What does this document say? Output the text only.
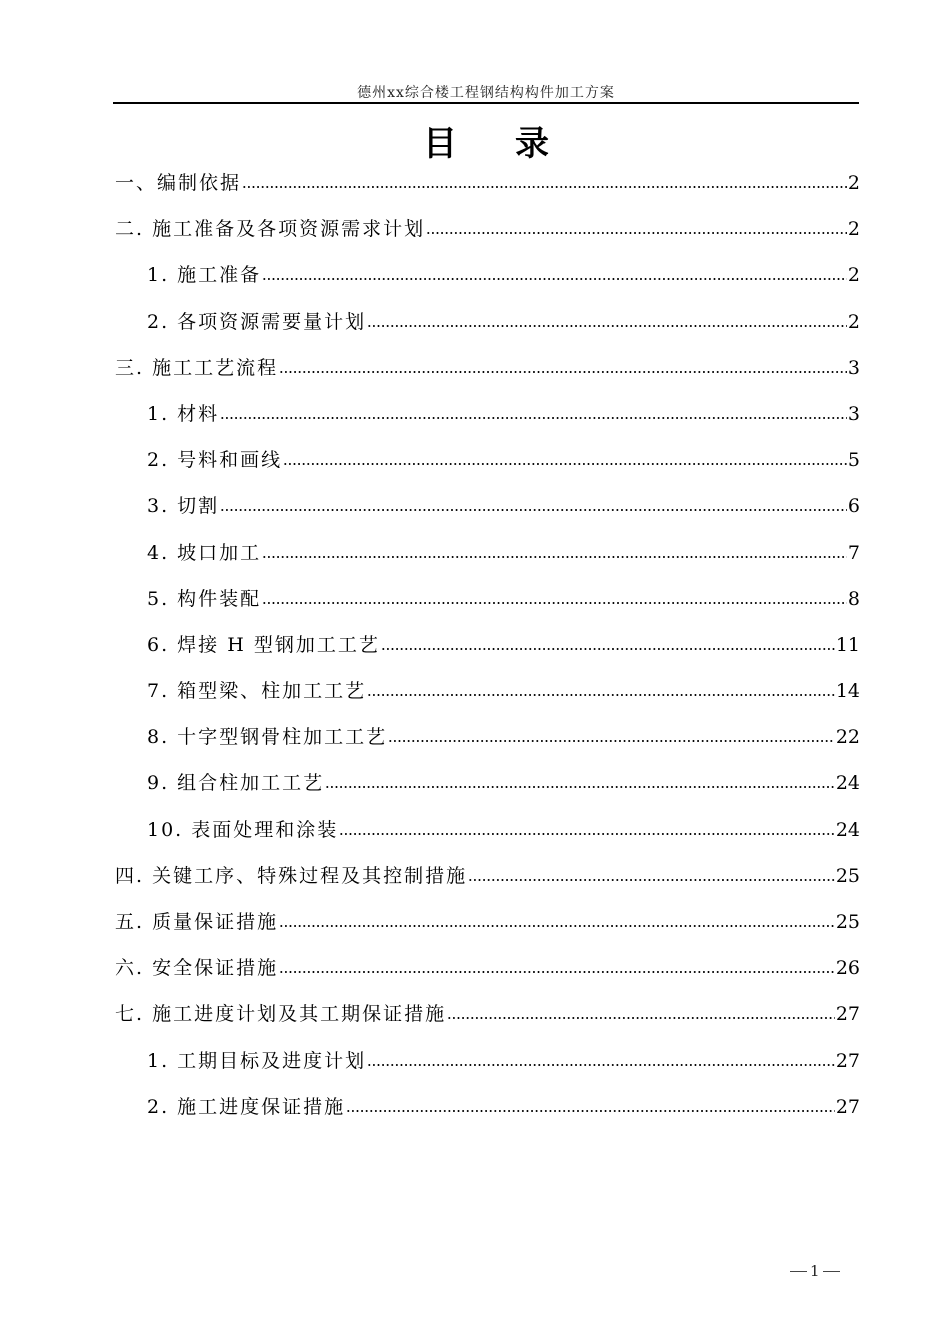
德州xx综合楼工程钢结构构件加工方案
目录
一、编制依据	2
二. 施工准备及各项资源需求计划	2
1. 施工准备	2
2. 各项资源需要量计划	2
三. 施工工艺流程	3
1. 材料	3
2. 号料和画线	5
3. 切割	6
4. 坡口加工	7
5. 构件装配	8
6. 焊接 H 型钢加工工艺	11
7. 箱型梁、柱加工工艺	14
8. 十字型钢骨柱加工工艺	22
9. 组合柱加工工艺	24
10. 表面处理和涂装	24
四. 关键工序、特殊过程及其控制措施	25
五. 质量保证措施	25
六. 安全保证措施	26
七. 施工进度计划及其工期保证措施	27
1. 工期目标及进度计划	27
2. 施工进度保证措施	27
1
